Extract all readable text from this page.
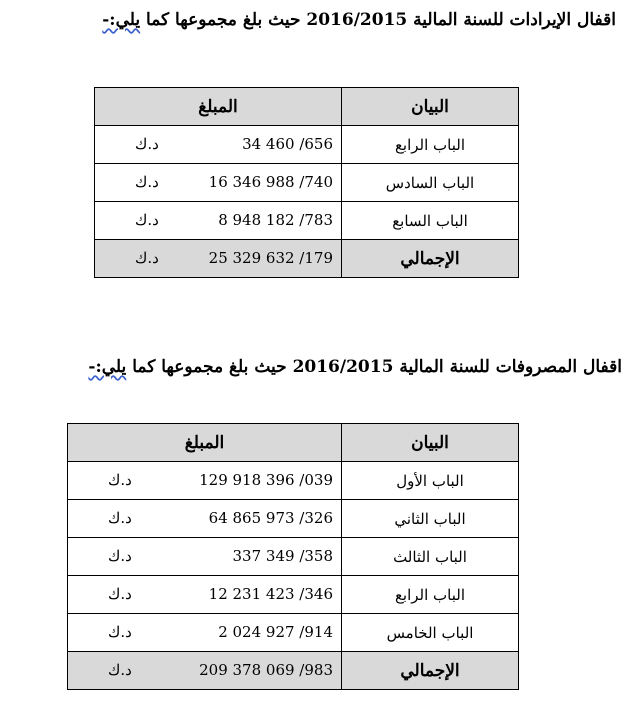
اقفال الإيرادات للسنة المالية 2016/2015 حيث بلغ مجموعها كما يلي:-
البيان	المبلغ
الباب الرابع	د.ك 34 460 /656

الباب السادس	د.ك 16 346 988 /740

الباب السابع	د.ك 8 948 182 /783

الإجمالي	د.ك 25 329 632 /179
اقفال المصروفات للسنة المالية 2016/2015 حيث بلغ مجموعها كما يلي:-
البيان	المبلغ
الباب الأول	د.ك 129 918 396 /039

الباب الثاني	د.ك 64 865 973 /326

الباب الثالث	د.ك 337 349 /358

الباب الرابع	د.ك 12 231 423 /346

الباب الخامس	د.ك 2 024 927 /914

الإجمالي	د.ك 209 378 069 /983
